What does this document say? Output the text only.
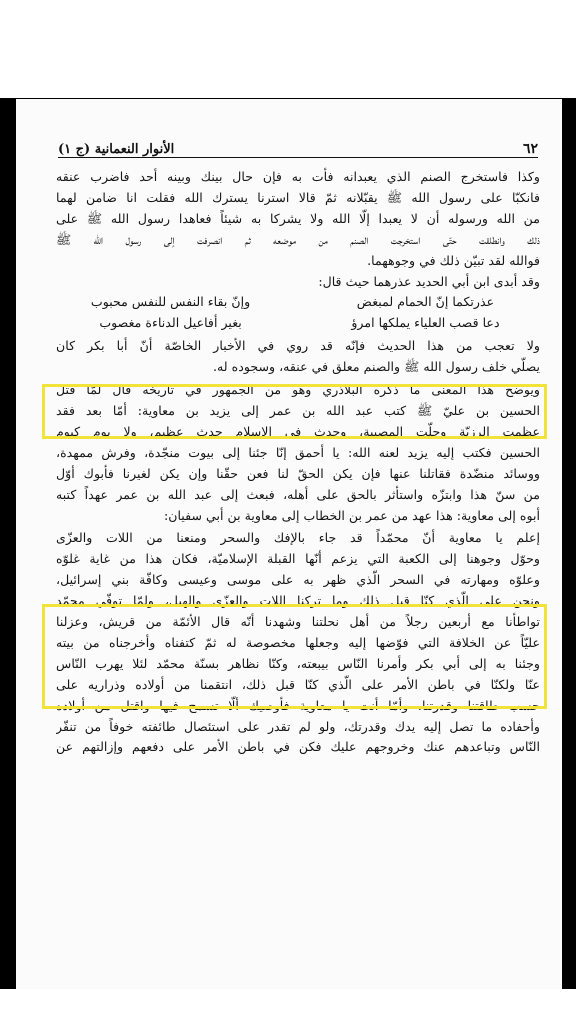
الأنوار النعمانية (ج ١)	٦٢
وكذا فاستخرج الصنم الذي يعبدانه فأت به فإن حال بينك وبينه أحد فاضرب عنقه
فانكبّا على رسول الله ﷺ يقبّلانه ثمّ قالا استرنا يسترك الله فقلت انا ضامن لهما
من الله ورسوله أن لا يعبدا إلّا الله ولا يشركا به شيئاً فعاهدا رسول الله ﷺ على
ذلك وانطلقت حتّى استخرجت الصنم من موضعه ثم انصرفت إلى رسول الله ﷺ
فوالله لقد تبيّن ذلك في وجوههما.
وقد أبدى ابن أبي الحديد عذرهما حيث قال:
عذرتكما إنّ الحمام لمبغض
وإنّ بقاء النفس للنفس محبوب
دعا قصب العلياء يملكها امرؤ
بغير أفاعيل الدناءة مغصوب
ولا تعجب من هذا الحديث فإنّه قد روي في الأخبار الخاصّة أنّ أبا بكر كان
يصلّي خلف رسول الله ﷺ والصنم معلق في عنقه، وسجوده له.
ويوضح هذا المعنى ما ذكره البلاذري وهو من الجمهور في تاريخه قال لمّا قتل
الحسين بن عليّ ﷺ كتب عبد الله بن عمر إلى يزيد بن معاوية: أمّا بعد فقد
عظمت الرزيّة وجلّت المصيبة، وحدث في الإسلام حدث عظيم، ولا يوم كيوم
الحسين فكتب إليه يزيد لعنه الله: يا أحمق إنّا جئنا إلى بيوت منجّدة، وفرش ممهدة،
ووسائد منضّدة فقاتلنا عنها فإن يكن الحقّ لنا فعن حقّنا وإن يكن لغيرنا فأبوك أوّل
من سنّ هذا وابتزّه واستأثر بالحق على أهله، فبعث إلى عبد الله بن عمر عهداً كتبه
أبوه إلى معاوية: هذا عهد من عمر بن الخطاب إلى معاوية بن أبي سفيان:
إعلم يا معاوية أنّ محمّداً قد جاء بالإفك والسحر ومنعنا من اللات والعزّى
وحوّل وجوهنا إلى الكعبة التي يزعم أنّها القبلة الإسلاميّة، فكان هذا من غاية غلوّه
وعلوّه ومهارته في السحر الّذي ظهر به على موسى وعيسى وكافّة بني إسرائيل،
ونحن على الّذي كنّا قبل ذلك وما تركنا اللات والعزّى والهبل، ولمّا توفّي محمّد
تواطأنا مع أربعين رجلاً من أهل نحلتنا وشهدنا أنّه قال الأئمّة من قريش، وعزلنا
عليّاً عن الخلافة التي فوّضها إليه وجعلها مخصوصة له ثمّ كتفناه وأخرجناه من بيته
وجئنا به إلى أبي بكر وأمرنا النّاس بيبعته، وكنّا نظاهر بسنّة محمّد لئلا يهرب النّاس
عنّا ولكنّا في باطن الأمر على الّذي كنّا قبل ذلك، انتقمنا من أولاده وذراريه على
حسب طاقتنا وقدرتنا، وأمّا أنت يا معاوية فأوصيك ألّا تسمح فيها واقتل من أولاده
وأحفاده ما تصل إليه يدك وقدرتك، ولو لم تقدر على استئصال طائفته خوفاً من تنفّر
النّاس وتباعدهم عنك وخروجهم عليك فكن في باطن الأمر على دفعهم وإزالتهم عن
